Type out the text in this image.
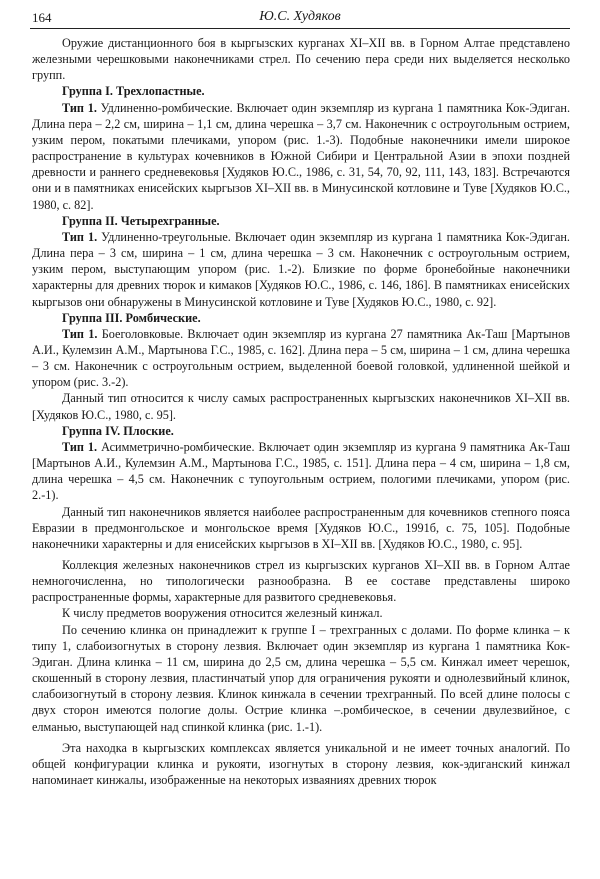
164	Ю.С. Худяков

Оружие дистанционного боя в кыргызских курганах XI–XII вв. в Горном Алтае представлено железными черешковыми наконечниками стрел. По сечению пера среди них выделяется несколько групп.

Группа I. Трехлопастные.

Тип 1. Удлиненно-ромбические. Включает один экземпляр из кургана 1 памятника Кок-Эдиган. Длина пера – 2,2 см, ширина – 1,1 см, длина черешка – 3,7 см. Наконечник с остроугольным острием, узким пером, покатыми плечиками, упором (рис. 1.-3). Подобные наконечники имели широкое распространение в культурах кочевников в Южной Сибири и Центральной Азии в эпохи поздней древности и раннего средневековья [Худяков Ю.С., 1986, с. 31, 54, 70, 92, 111, 143, 183]. Встречаются они и в памятниках енисейских кыргызов XI–XII вв. в Минусинской котловине и Туве [Худяков Ю.С., 1980, с. 82].

Группа II. Четырехгранные.

Тип 1. Удлиненно-треугольные. Включает один экземпляр из кургана 1 памятника Кок-Эдиган. Длина пера – 3 см, ширина – 1 см, длина черешка – 3 см. Наконечник с остроугольным острием, узким пером, выступающим упором (рис. 1.-2). Близкие по форме бронебойные наконечники характерны для древних тюрок и кимаков [Худяков Ю.С., 1986, с. 146, 186]. В памятниках енисейских кыргызов они обнаружены в Минусинской котловине и Туве [Худяков Ю.С., 1980, с. 92].

Группа III. Ромбические.

Тип 1. Боеголовковые. Включает один экземпляр из кургана 27 памятника Ак-Таш [Мартынов А.И., Кулемзин А.М., Мартынова Г.С., 1985, с. 162]. Длина пера – 5 см, ширина – 1 см, длина черешка – 3 см. Наконечник с остроугольным острием, выделенной боевой головкой, удлиненной шейкой и упором (рис. 3.-2).

Данный тип относится к числу самых распространенных кыргызских наконечников XI–XII вв. [Худяков Ю.С., 1980, с. 95].

Группа IV. Плоские.

Тип 1. Асимметрично-ромбические. Включает один экземпляр из кургана 9 памятника Ак-Таш [Мартынов А.И., Кулемзин А.М., Мартынова Г.С., 1985, с. 151]. Длина пера – 4 см, ширина – 1,8 см, длина черешка – 4,5 см. Наконечник с тупоугольным острием, пологими плечиками, упором (рис. 2.-1).

Данный тип наконечников является наиболее распространенным для кочевников степного пояса Евразии в предмонгольское и монгольское время [Худяков Ю.С., 1991б, с. 75, 105]. Подобные наконечники характерны и для енисейских кыргызов в XI–XII вв. [Худяков Ю.С., 1980, с. 95].

Коллекция железных наконечников стрел из кыргызских курганов XI–XII вв. в Горном Алтае немногочисленна, но типологически разнообразна. В ее составе представлены широко распространенные формы, характерные для развитого средневековья.

К числу предметов вооружения относится железный кинжал.

По сечению клинка он принадлежит к группе I – трехгранных с долами. По форме клинка – к типу 1, слабоизогнутых в сторону лезвия. Включает один экземпляр из кургана 1 памятника Кок-Эдиган. Длина клинка – 11 см, ширина до 2,5 см, длина черешка – 5,5 см. Кинжал имеет черешок, скошенный в сторону лезвия, пластинчатый упор для ограничения рукояти и однолезвийный клинок, слабоизогнутый в сторону лезвия. Клинок кинжала в сечении трехгранный. По всей длине полосы с двух сторон имеются пологие долы. Острие клинка –.ромбическое, в сечении двулезвийное, с елманью, выступающей над спинкой клинка (рис. 1.-1).

Эта находка в кыргызских комплексах является уникальной и не имеет точных аналогий. По общей конфигурации клинка и рукояти, изогнутых в сторону лезвия, кок-эдиганский кинжал напоминает кинжалы, изображенные на некоторых изваяниях древних тюрок
